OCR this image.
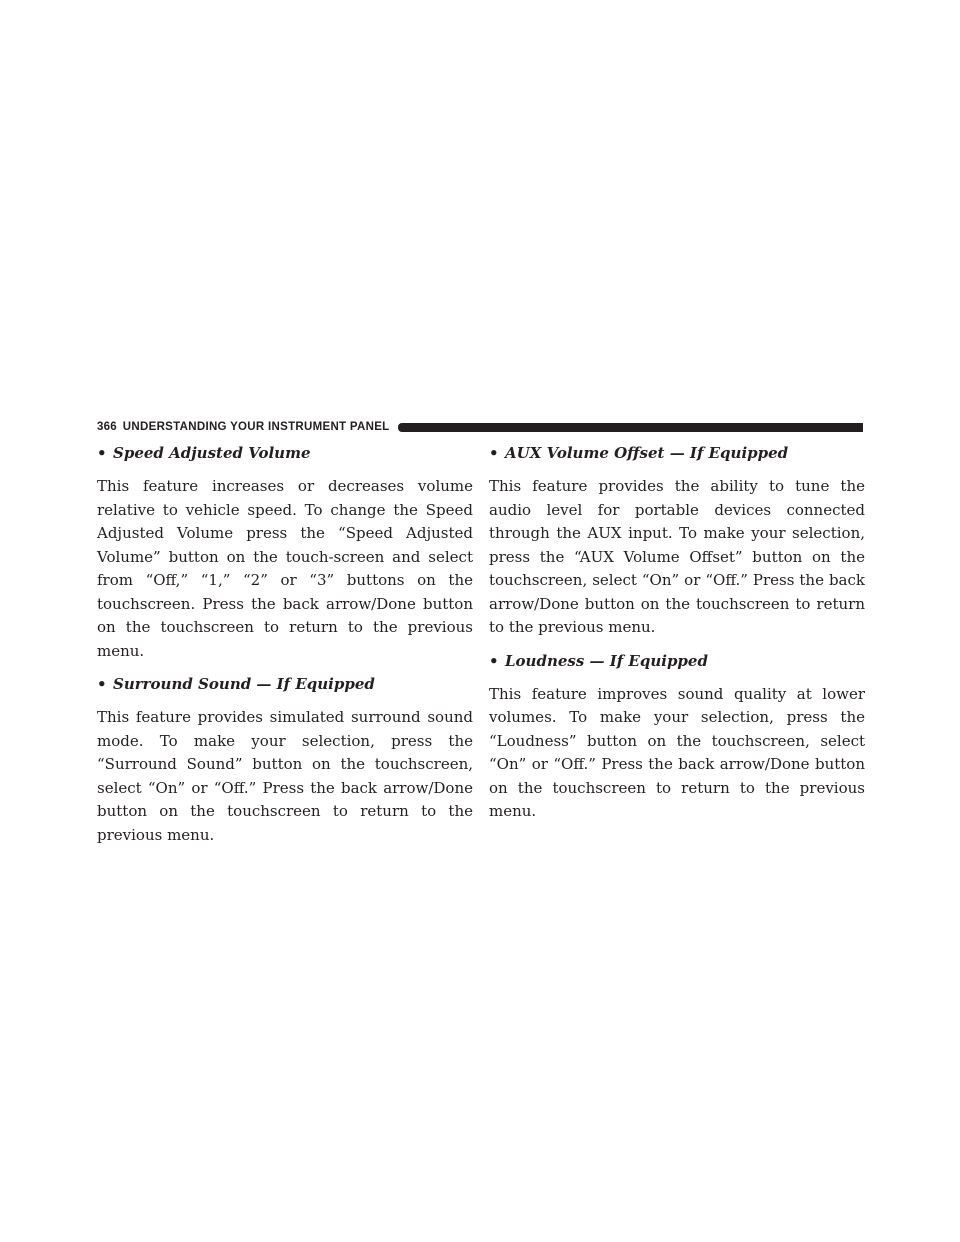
366 UNDERSTANDING YOUR INSTRUMENT PANEL
• Speed Adjusted Volume

This feature increases or decreases volume relative to vehicle speed. To change the Speed Adjusted Volume press the “Speed Adjusted Volume” button on the touch-screen and select from “Off,” “1,” “2” or “3” buttons on the touchscreen. Press the back arrow/Done button on the touchscreen to return to the previous menu.

• Surround Sound — If Equipped

This feature provides simulated surround sound mode. To make your selection, press the “Surround Sound” button on the touchscreen, select “On” or “Off.” Press the back arrow/Done button on the touchscreen to return to the previous menu.

• AUX Volume Offset — If Equipped

This feature provides the ability to tune the audio level for portable devices connected through the AUX input. To make your selection, press the “AUX Volume Offset” button on the touchscreen, select “On” or “Off.” Press the back arrow/Done button on the touchscreen to return to the previous menu.

• Loudness — If Equipped

This feature improves sound quality at lower volumes. To make your selection, press the “Loudness” button on the touchscreen, select “On” or “Off.” Press the back arrow/Done button on the touchscreen to return to the previous menu.
